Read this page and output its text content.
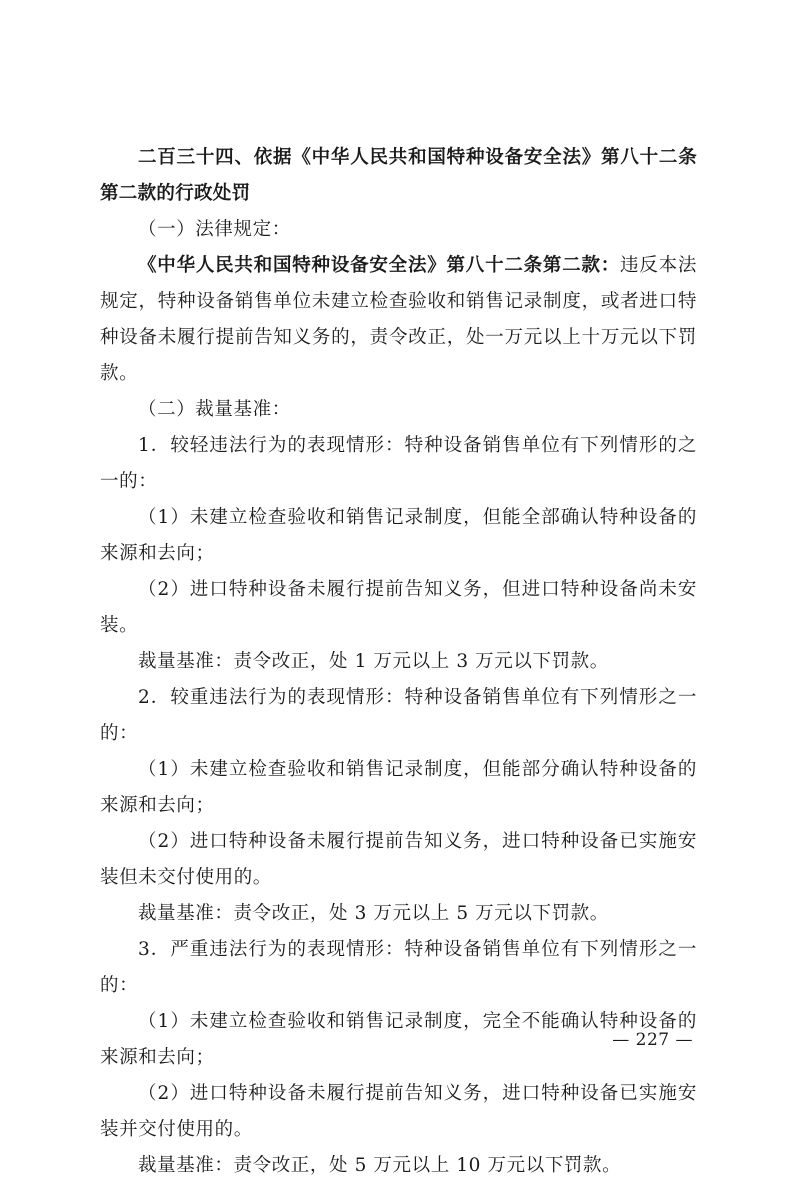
二百三十四、依据《中华人民共和国特种设备安全法》第八十二条第二款的行政处罚

（一）法律规定：

《中华人民共和国特种设备安全法》第八十二条第二款：违反本法规定，特种设备销售单位未建立检查验收和销售记录制度，或者进口特种设备未履行提前告知义务的，责令改正，处一万元以上十万元以下罚款。

（二）裁量基准：

1．较轻违法行为的表现情形：特种设备销售单位有下列情形的之一的：

（1）未建立检查验收和销售记录制度，但能全部确认特种设备的来源和去向；

（2）进口特种设备未履行提前告知义务，但进口特种设备尚未安装。

裁量基准：责令改正，处 1 万元以上 3 万元以下罚款。

2．较重违法行为的表现情形：特种设备销售单位有下列情形之一的：

（1）未建立检查验收和销售记录制度，但能部分确认特种设备的来源和去向；

（2）进口特种设备未履行提前告知义务，进口特种设备已实施安装但未交付使用的。

裁量基准：责令改正，处 3 万元以上 5 万元以下罚款。

3．严重违法行为的表现情形：特种设备销售单位有下列情形之一的：

（1）未建立检查验收和销售记录制度，完全不能确认特种设备的来源和去向；

（2）进口特种设备未履行提前告知义务，进口特种设备已实施安装并交付使用的。

裁量基准：责令改正，处 5 万元以上 10 万元以下罚款。

— 227 —
